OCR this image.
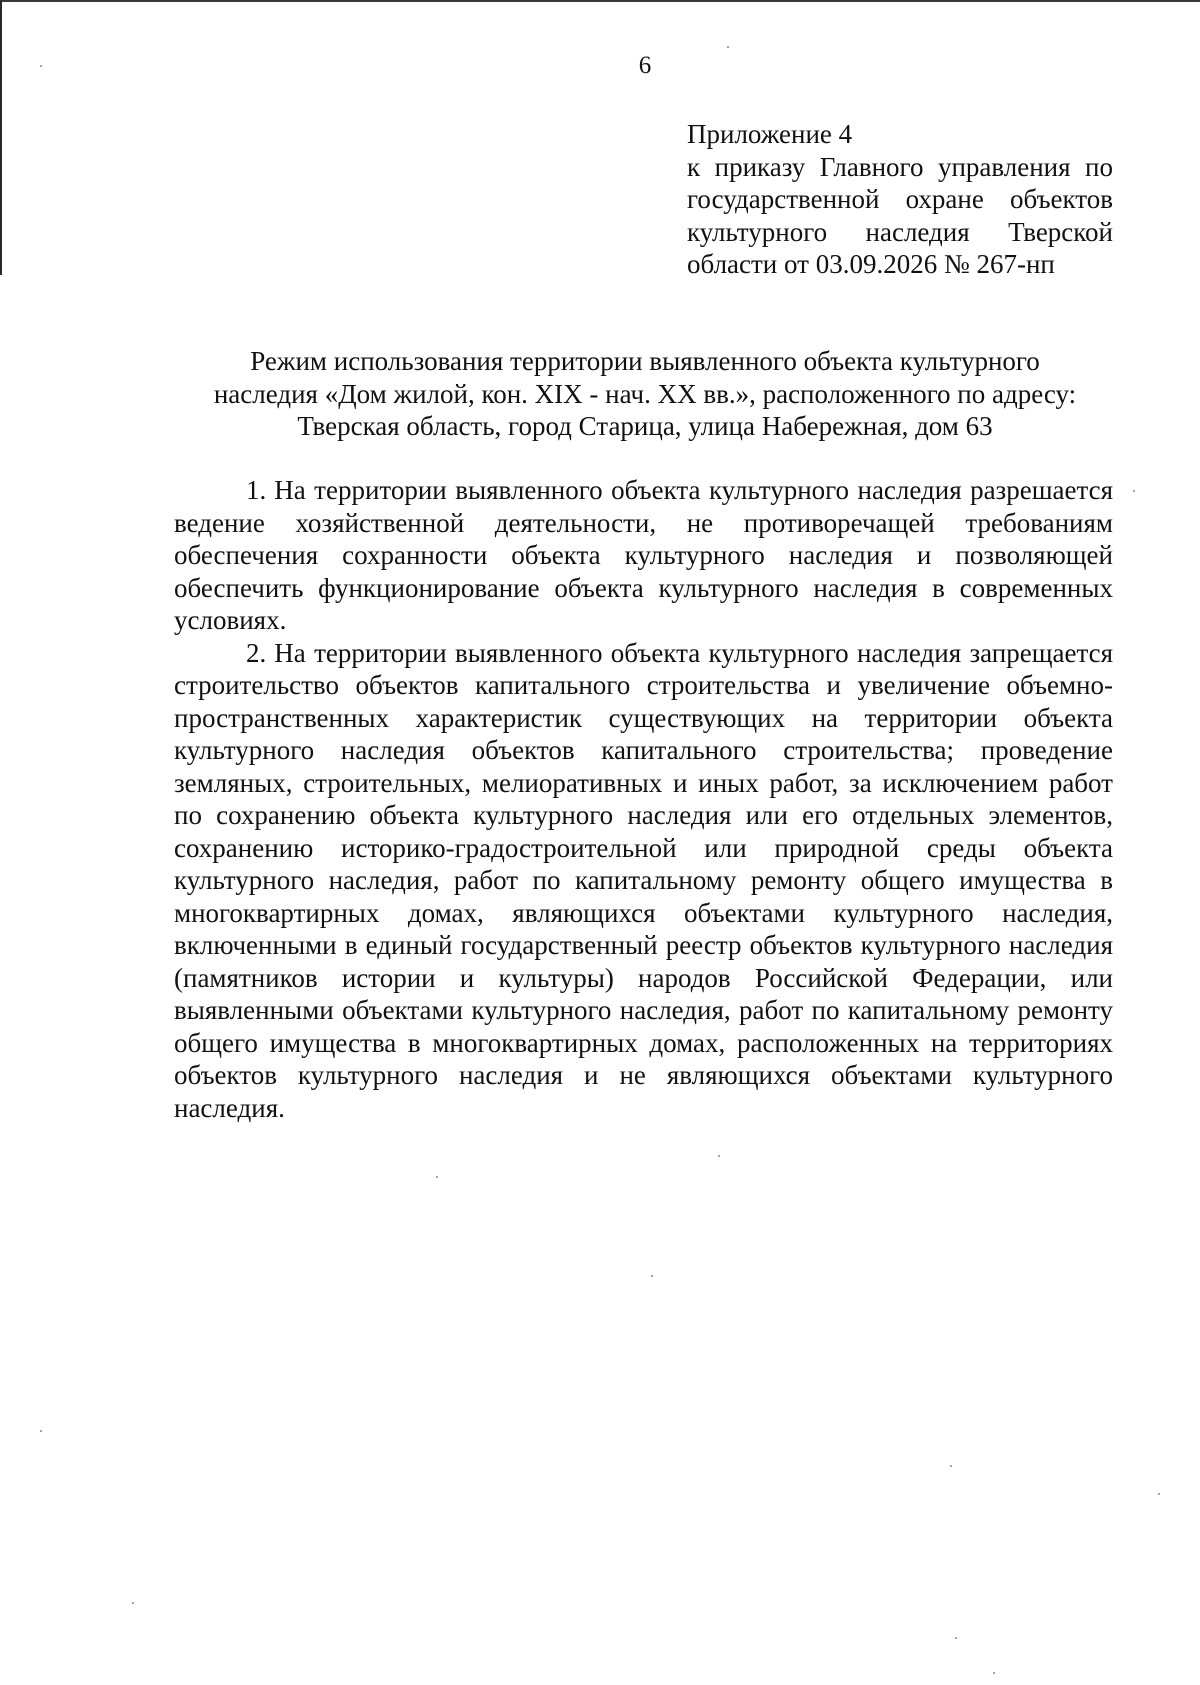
6
Приложение 4
к приказу Главного управления по государственной охране объектов культурного наследия Тверской области от 03.09.2026 № 267-нп
Режим использования территории выявленного объекта культурного
наследия «Дом жилой, кон. XIX - нач. XX вв.», расположенного по адресу:
Тверская область, город Старица, улица Набережная, дом 63

1. На территории выявленного объекта культурного наследия разрешается ведение хозяйственной деятельности, не противоречащей требованиям обеспечения сохранности объекта культурного наследия и позволяющей обеспечить функционирование объекта культурного наследия в современных условиях.

2. На территории выявленного объекта культурного наследия запрещается строительство объектов капитального строительства и увеличение объемно-пространственных характеристик существующих на территории объекта культурного наследия объектов капитального строительства; проведение земляных, строительных, мелиоративных и иных работ, за исключением работ по сохранению объекта культурного наследия или его отдельных элементов, сохранению историко-градостроительной или природной среды объекта культурного наследия, работ по капитальному ремонту общего имущества в многоквартирных домах, являющихся объектами культурного наследия, включенными в единый государственный реестр объектов культурного наследия (памятников истории и культуры) народов Российской Федерации, или выявленными объектами культурного наследия, работ по капитальному ремонту общего имущества в многоквартирных домах, расположенных на территориях объектов культурного наследия и не являющихся объектами культурного наследия.
